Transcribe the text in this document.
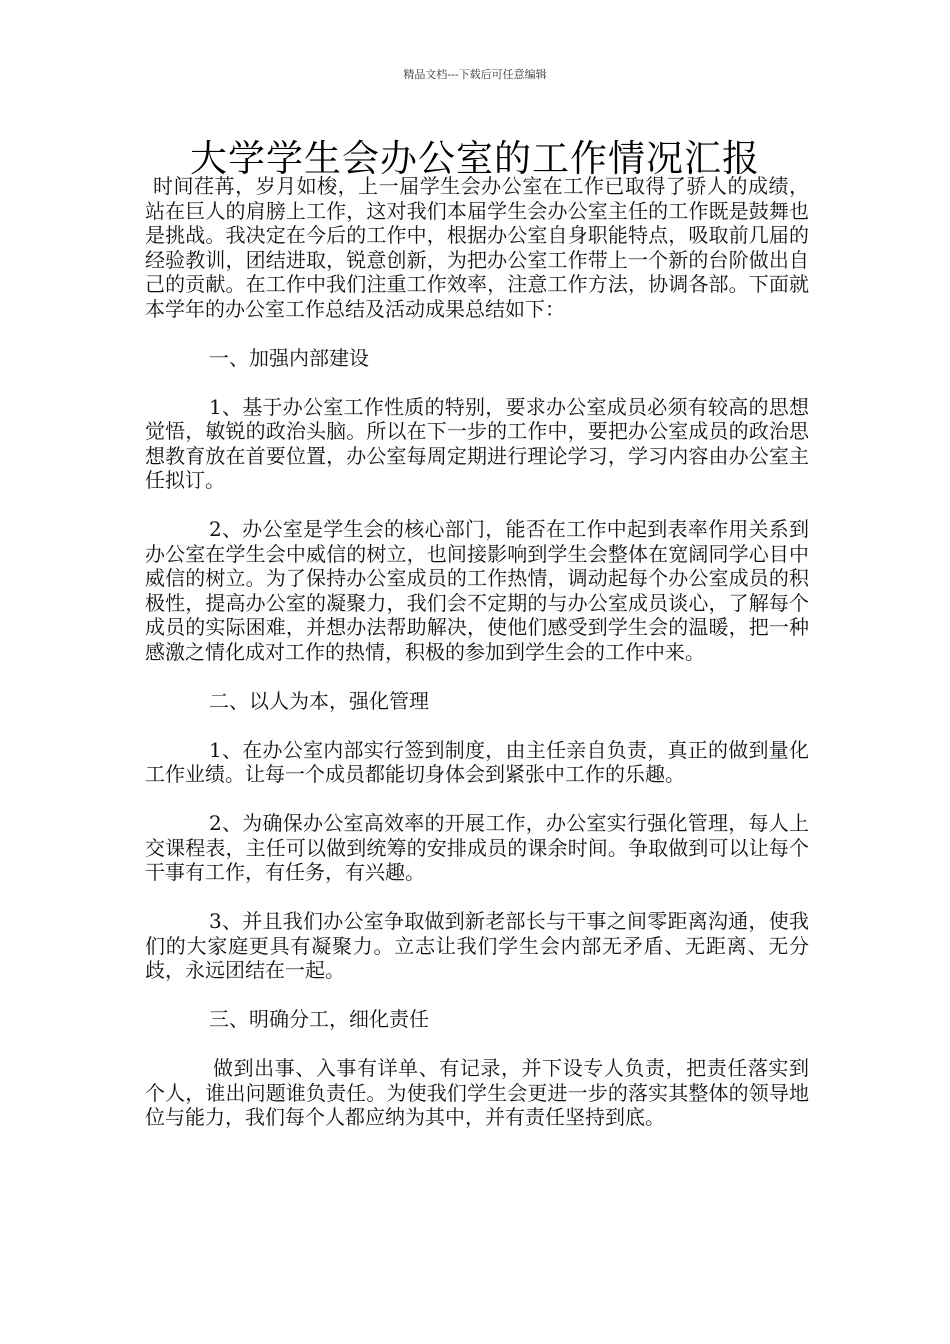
精品文档---下载后可任意编辑
大学学生会办公室的工作情况汇报

时间荏苒，岁月如梭，上一届学生会办公室在工作已取得了骄人的成绩，站在巨人的肩膀上工作，这对我们本届学生会办公室主任的工作既是鼓舞也是挑战。我决定在今后的工作中，根据办公室自身职能特点，吸取前几届的经验教训，团结进取，锐意创新，为把办公室工作带上一个新的台阶做出自己的贡献。在工作中我们注重工作效率，注意工作方法，协调各部。下面就本学年的办公室工作总结及活动成果总结如下：

一、加强内部建设

1、基于办公室工作性质的特别，要求办公室成员必须有较高的思想觉悟，敏锐的政治头脑。所以在下一步的工作中，要把办公室成员的政治思想教育放在首要位置，办公室每周定期进行理论学习，学习内容由办公室主任拟订。

2、办公室是学生会的核心部门，能否在工作中起到表率作用关系到办公室在学生会中威信的树立，也间接影响到学生会整体在宽阔同学心目中威信的树立。为了保持办公室成员的工作热情，调动起每个办公室成员的积极性，提高办公室的凝聚力，我们会不定期的与办公室成员谈心，了解每个成员的实际困难，并想办法帮助解决，使他们感受到学生会的温暖，把一种感激之情化成对工作的热情，积极的参加到学生会的工作中来。

二、以人为本，强化管理

1、在办公室内部实行签到制度，由主任亲自负责，真正的做到量化工作业绩。让每一个成员都能切身体会到紧张中工作的乐趣。

2、为确保办公室高效率的开展工作，办公室实行强化管理，每人上交课程表，主任可以做到统筹的安排成员的课余时间。争取做到可以让每个干事有工作，有任务，有兴趣。

3、并且我们办公室争取做到新老部长与干事之间零距离沟通，使我们的大家庭更具有凝聚力。立志让我们学生会内部无矛盾、无距离、无分歧，永远团结在一起。

三、明确分工，细化责任

做到出事、入事有详单、有记录，并下设专人负责，把责任落实到个人，谁出问题谁负责任。为使我们学生会更进一步的落实其整体的领导地位与能力，我们每个人都应纳为其中，并有责任坚持到底。
